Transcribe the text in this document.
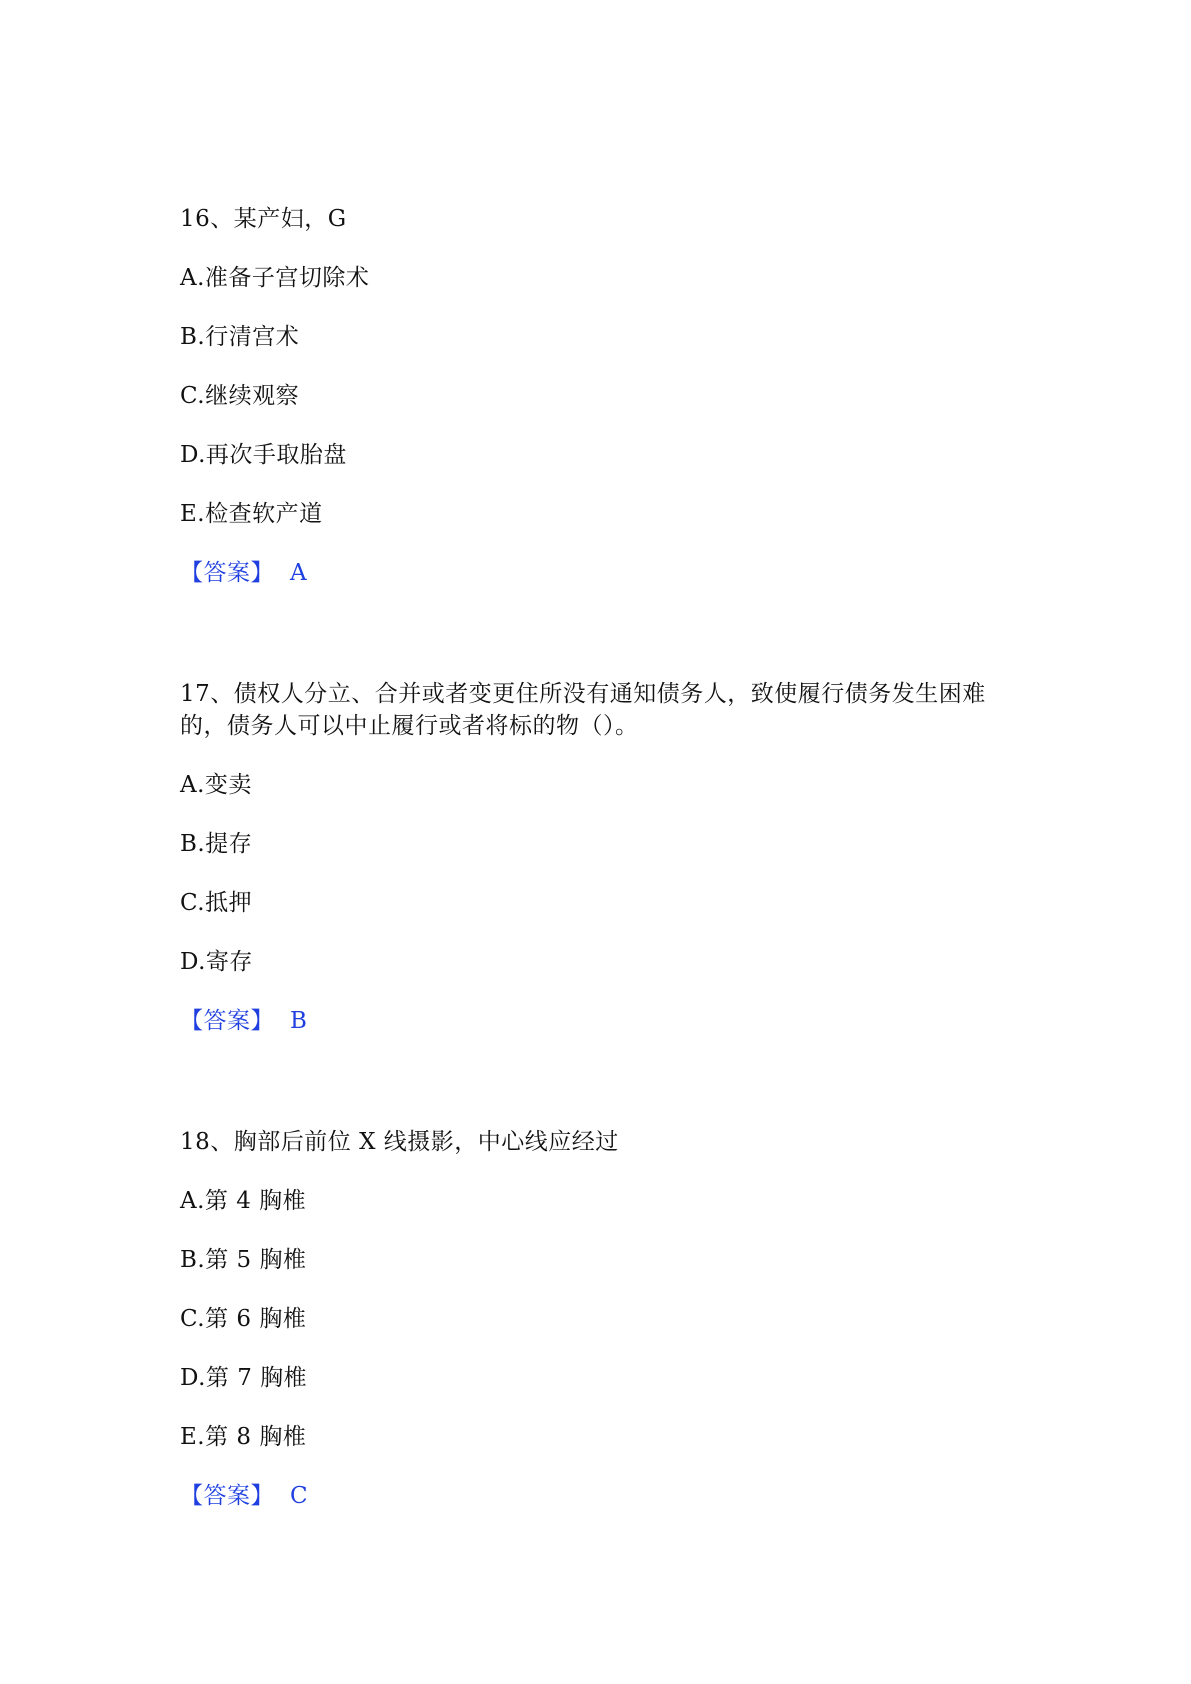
16、某产妇，G

A.准备子宫切除术
B.行清宫术
C.继续观察
D.再次手取胎盘
E.检查软产道
【答案】 A

17、债权人分立、合并或者变更住所没有通知债务人，致使履行债务发生困难的，债务人可以中止履行或者将标的物（）。

A.变卖
B.提存
C.抵押
D.寄存
【答案】 B

18、胸部后前位 X 线摄影，中心线应经过

A.第 4 胸椎
B.第 5 胸椎
C.第 6 胸椎
D.第 7 胸椎
E.第 8 胸椎
【答案】 C
